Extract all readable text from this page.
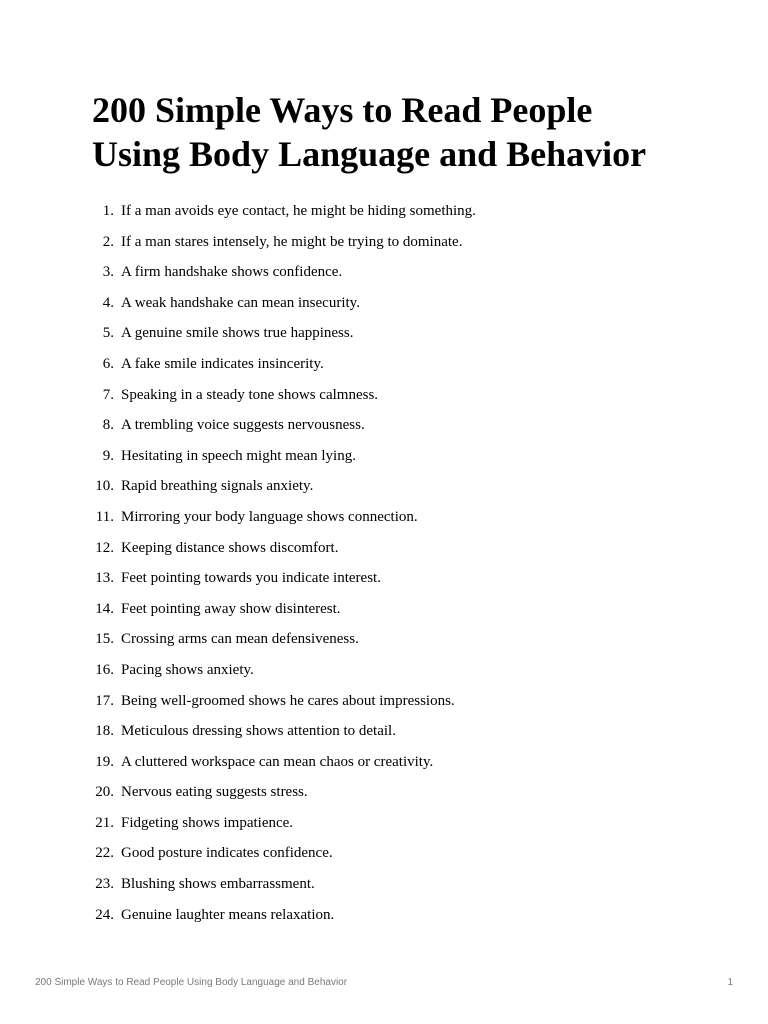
200 Simple Ways to Read People
Using Body Language and Behavior
1. If a man avoids eye contact, he might be hiding something.
2. If a man stares intensely, he might be trying to dominate.
3. A firm handshake shows confidence.
4. A weak handshake can mean insecurity.
5. A genuine smile shows true happiness.
6. A fake smile indicates insincerity.
7. Speaking in a steady tone shows calmness.
8. A trembling voice suggests nervousness.
9. Hesitating in speech might mean lying.
10. Rapid breathing signals anxiety.
11. Mirroring your body language shows connection.
12. Keeping distance shows discomfort.
13. Feet pointing towards you indicate interest.
14. Feet pointing away show disinterest.
15. Crossing arms can mean defensiveness.
16. Pacing shows anxiety.
17. Being well-groomed shows he cares about impressions.
18. Meticulous dressing shows attention to detail.
19. A cluttered workspace can mean chaos or creativity.
20. Nervous eating suggests stress.
21. Fidgeting shows impatience.
22. Good posture indicates confidence.
23. Blushing shows embarrassment.
24. Genuine laughter means relaxation.
200 Simple Ways to Read People Using Body Language and Behavior	1
